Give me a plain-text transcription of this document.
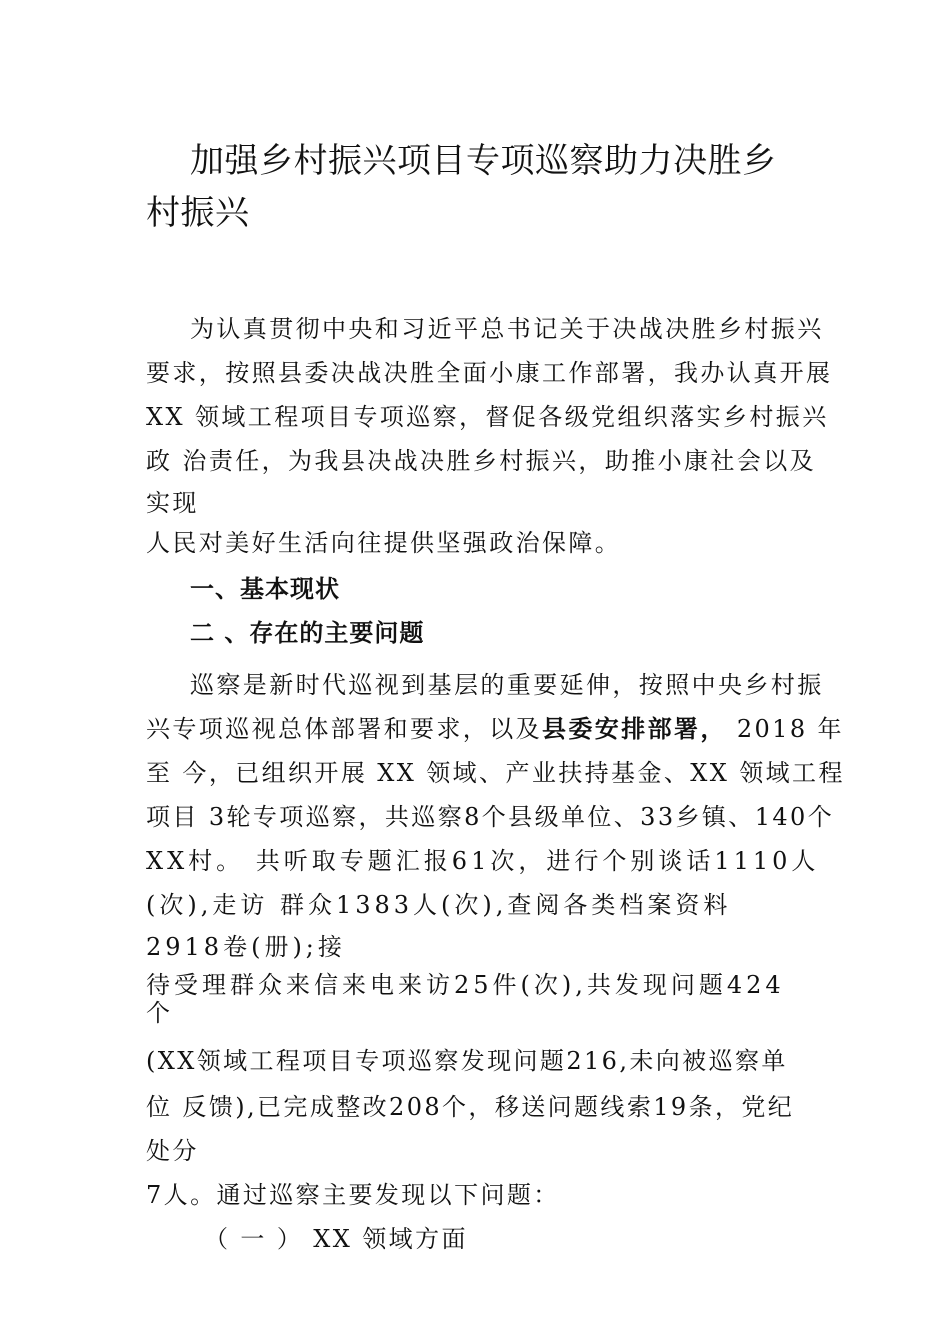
加强乡村振兴项目专项巡察助力决胜乡
村振兴
为认真贯彻中央和习近平总书记关于决战决胜乡村振兴
要求，按照县委决战决胜全面小康工作部署，我办认真开展
XX 领域工程项目专项巡察，督促各级党组织落实乡村振兴
政 治责任，为我县决战决胜乡村振兴，助推小康社会以及
实现
人民对美好生活向往提供坚强政治保障。
一、基本现状
二 、存在的主要问题
巡察是新时代巡视到基层的重要延伸，按照中央乡村振
兴专项巡视总体部署和要求，以及县委安排部署， 2018 年
至 今，已组织开展 XX 领域、产业扶持基金、XX 领域工程
项目 3轮专项巡察，共巡察8个县级单位、33乡镇、140个
XX村。 共听取专题汇报61次，进行个别谈话1110人
(次),走访 群众1383人(次),查阅各类档案资料
2918卷(册);接
待受理群众来信来电来访25件(次),共发现问题424
个
(XX领域工程项目专项巡察发现问题216,未向被巡察单
位 反馈),已完成整改208个，移送问题线索19条，党纪
处分
7人。通过巡察主要发现以下问题：
（ 一 ） XX 领域方面
